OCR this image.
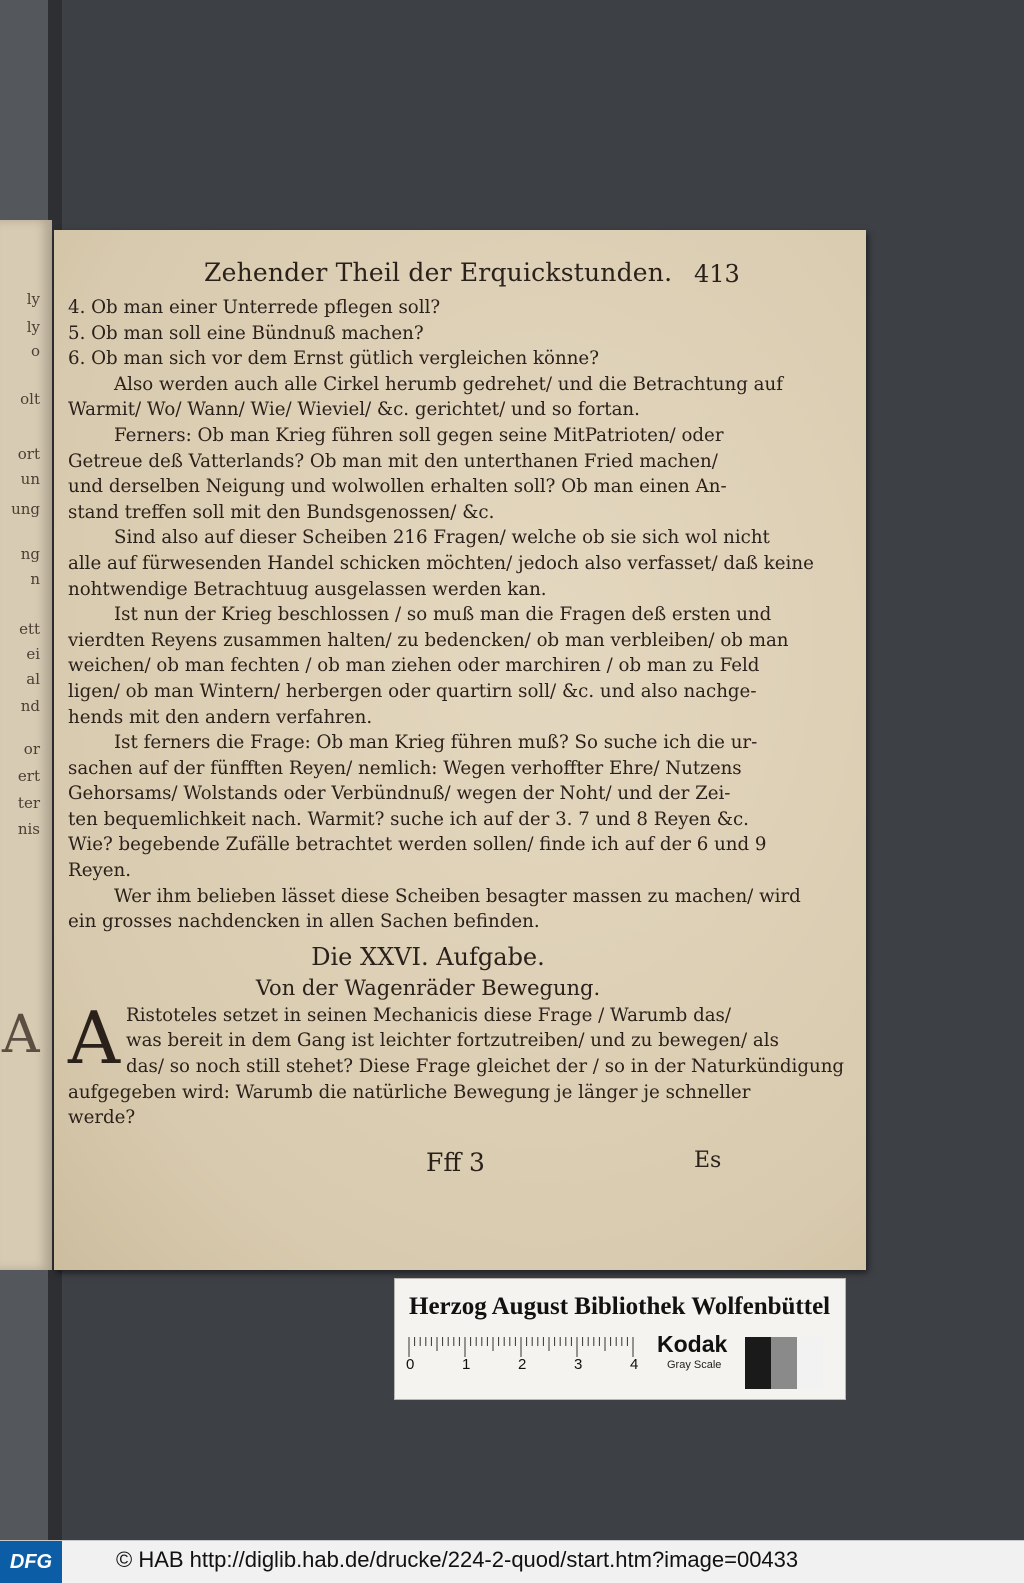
A
ly
ly
o
olt
ort
un
ung
ng
n
ett
ei
al
nd
or
ert
ter
nis
Zehender Theil der Erquickstunden. 413
4. Ob man einer Unterrede pflegen soll?
5. Ob man soll eine Bündnuß machen?
6. Ob man sich vor dem Ernst gütlich vergleichen könne?
Also werden auch alle Cirkel herumb gedrehet/ und die Betrachtung auf
Warmit/ Wo/ Wann/ Wie/ Wieviel/ &c. gerichtet/ und so fortan.
Ferners: Ob man Krieg führen soll gegen seine MitPatrioten/ oder
Getreue deß Vatterlands? Ob man mit den unterthanen Fried machen/
und derselben Neigung und wolwollen erhalten soll? Ob man einen An-
stand treffen soll mit den Bundsgenossen/ &c.
Sind also auf dieser Scheiben 216 Fragen/ welche ob sie sich wol nicht
alle auf fürwesenden Handel schicken möchten/ jedoch also verfasset/ daß keine
nohtwendige Betrachtuug ausgelassen werden kan.
Ist nun der Krieg beschlossen / so muß man die Fragen deß ersten und
vierdten Reyens zusammen halten/ zu bedencken/ ob man verbleiben/ ob man
weichen/ ob man fechten / ob man ziehen oder marchiren / ob man zu Feld
ligen/ ob man Wintern/ herbergen oder quartirn soll/ &c. und also nachge-
hends mit den andern verfahren.
Ist ferners die Frage: Ob man Krieg führen muß? So suche ich die ur-
sachen auf der fünfften Reyen/ nemlich: Wegen verhoffter Ehre/ Nutzens
Gehorsams/ Wolstands oder Verbündnuß/ wegen der Noht/ und der Zei-
ten bequemlichkeit nach. Warmit? suche ich auf der 3. 7 und 8 Reyen &c.
Wie? begebende Zufälle betrachtet werden sollen/ finde ich auf der 6 und 9
Reyen.
Wer ihm belieben lässet diese Scheiben besagter massen zu machen/ wird
ein grosses nachdencken in allen Sachen befinden.
Die XXVI. Aufgabe.
Von der Wagenräder Bewegung.
A Ristoteles setzet in seinen Mechanicis diese Frage / Warumb das/
was bereit in dem Gang ist leichter fortzutreiben/ und zu bewegen/ als
das/ so noch still stehet? Diese Frage gleichet der / so in der Naturkündigung
aufgegeben wird: Warumb die natürliche Bewegung je länger je schneller
werde?
Fff 3	Es
Herzog August Bibliothek Wolfenbüttel
0	1	2	3	4
Kodak
Gray Scale
DFG	© HAB http://diglib.hab.de/drucke/224-2-quod/start.htm?image=00433
